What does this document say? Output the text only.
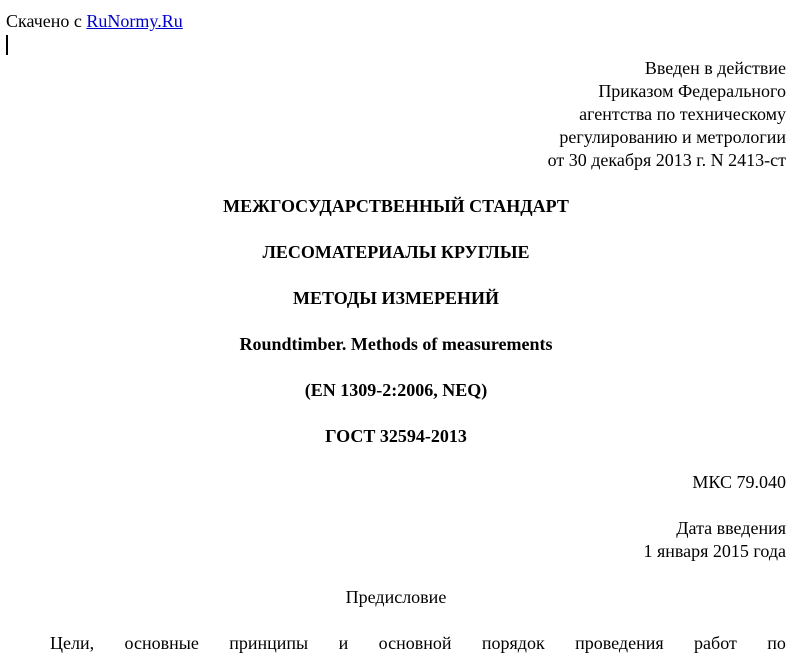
Скачено с RuNormy.Ru
Введен в действие
Приказом Федерального
агентства по техническому
регулированию и метрологии
от 30 декабря 2013 г. N 2413-ст
МЕЖГОСУДАРСТВЕННЫЙ СТАНДАРТ
ЛЕСОМАТЕРИАЛЫ КРУГЛЫЕ
МЕТОДЫ ИЗМЕРЕНИЙ
Roundtimber. Methods of measurements
(EN 1309-2:2006, NEQ)
ГОСТ 32594-2013
МКС 79.040
Дата введения
1 января 2015 года
Предисловие
Цели, основные принципы и основной порядок проведения работ по
